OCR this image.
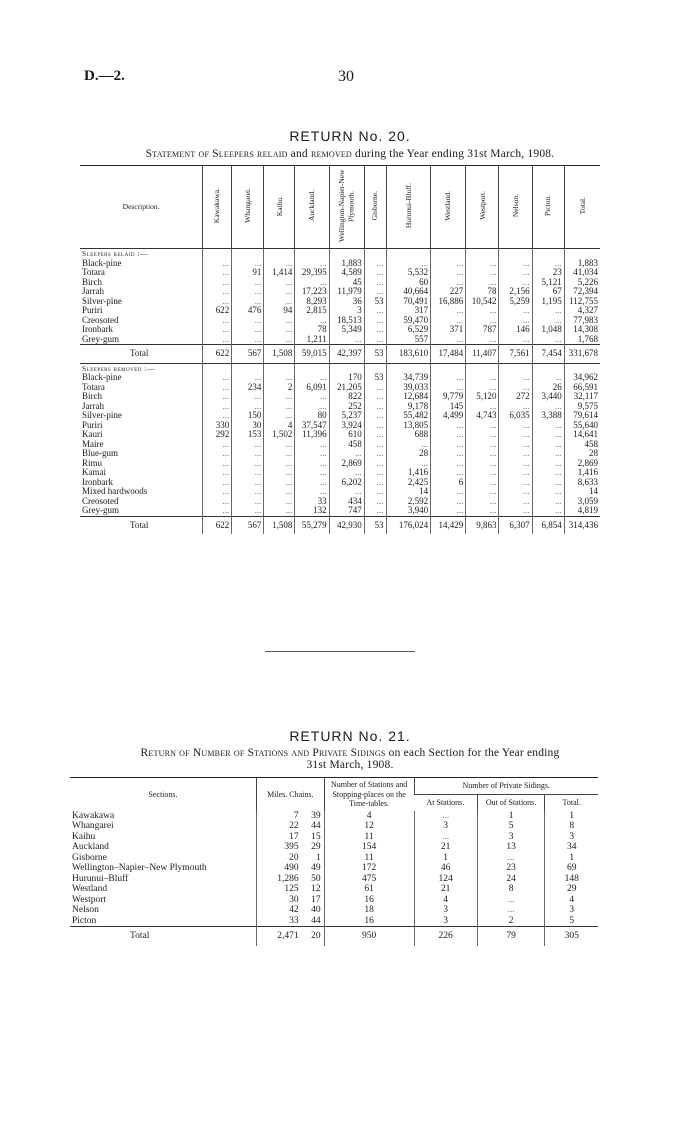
D.—2.	30
RETURN No. 20.
Statement of Sleepers relaid and removed during the Year ending 31st March, 1908.
Description.	Kawakawa.	Whangarei.	Kaihu.	Auckland.	Wellington-Napier-New Plymouth.	Gisborne.	Hurunui-Bluff.	Westland.	Westport.	Nelson.	Picton.	Total.
Sleepers relaid :—												
Black-pine	...	...	...	...	1,883	...	...	...	...	...	...	1,883
Totara	...	91	1,414	29,395	4,589	...	5,532	...	...	...	23	41,034
Birch	...	...	...	...	45	...	60	...	...	...	5,121	5,226
Jarrah	...	...	...	17,223	11,979	...	40,664	227	78	2,156	67	72,394
Silver-pine	...	...	...	8,293	36	53	70,491	16,886	10,542	5,259	1,195	112,755
Puriri	622	476	94	2,815	3	...	317	...	...	...	...	4,327
Creosoted	...	...	...	...	18,513	...	59,470	...	...	...	...	77,983
Ironbark	...	...	...	78	5,349	...	6,529	371	787	146	1,048	14,308
Grey-gum	...	...	...	1,211	...	...	557	...	...	...	...	1,768
Total	622	567	1,508	59,015	42,397	53	183,610	17,484	11,407	7,561	7,454	331,678
Sleepers removed :—												
Black-pine	...	...	...	...	170	53	34,739	...	...	...	...	34,962
Totara	...	234	2	6,091	21,205	...	39,033	...	...	...	26	66,591
Birch	...	...	...	...	822	...	12,684	9,779	5,120	272	3,440	32,117
Jarrah	...	...	...	...	252	...	9,178	145	...	...	...	9,575
Silver-pine	...	150	...	80	5,237	...	55,482	4,499	4,743	6,035	3,388	79,614
Puriri	330	30	4	37,547	3,924	...	13,805	...	...	...	...	55,640
Kauri	292	153	1,502	11,396	610	...	688	...	...	...	...	14,641
Maire	...	...	...	...	458	...	...	...	...	...	...	458
Blue-gum	...	...	...	...	...	...	28	...	...	...	...	28
Rimu	...	...	...	...	2,869	...	...	...	...	...	...	2,869
Kamai	...	...	...	...	...	...	1,416	...	...	...	...	1,416
Ironbark	...	...	...	...	6,202	...	2,425	6	...	...	...	8,633
Mixed hardwoods	...	...	...	...	...	...	14	...	...	...	...	14
Creosoted	...	...	...	33	434	...	2,592	...	...	...	...	3,059
Grey-gum	...	...	...	132	747	...	3,940	...	...	...	...	4,819
Total	622	567	1,508	55,279	42,930	53	176,024	14,429	9,863	6,307	6,854	314,436
RETURN No. 21.
Return of Number of Stations and Private Sidings on each Section for the Year ending
31st March, 1908.
Sections.	Miles. Chains.	Number of Stations and Stopping-places on the Time-tables.	Number of Private Sidings.		
			At Stations.	Out of Stations.	Total.
Kawakawa	7 39	4	...	1	1
Whangarei	22 44	12	3	5	8
Kaihu	17 15	11	...	3	3
Auckland	395 29	154	21	13	34
Gisborne	20 1	11	1	...	1
Wellington–Napier–New Plymouth	490 49	172	46	23	69
Hurunui–Bluff	1,286 50	475	124	24	148
Westland	125 12	61	21	8	29
Westport	30 17	16	4	...	4
Nelson	42 40	18	3	...	3
Picton	33 44	16	3	2	5
Total	2,471 20	950	226	79	305
